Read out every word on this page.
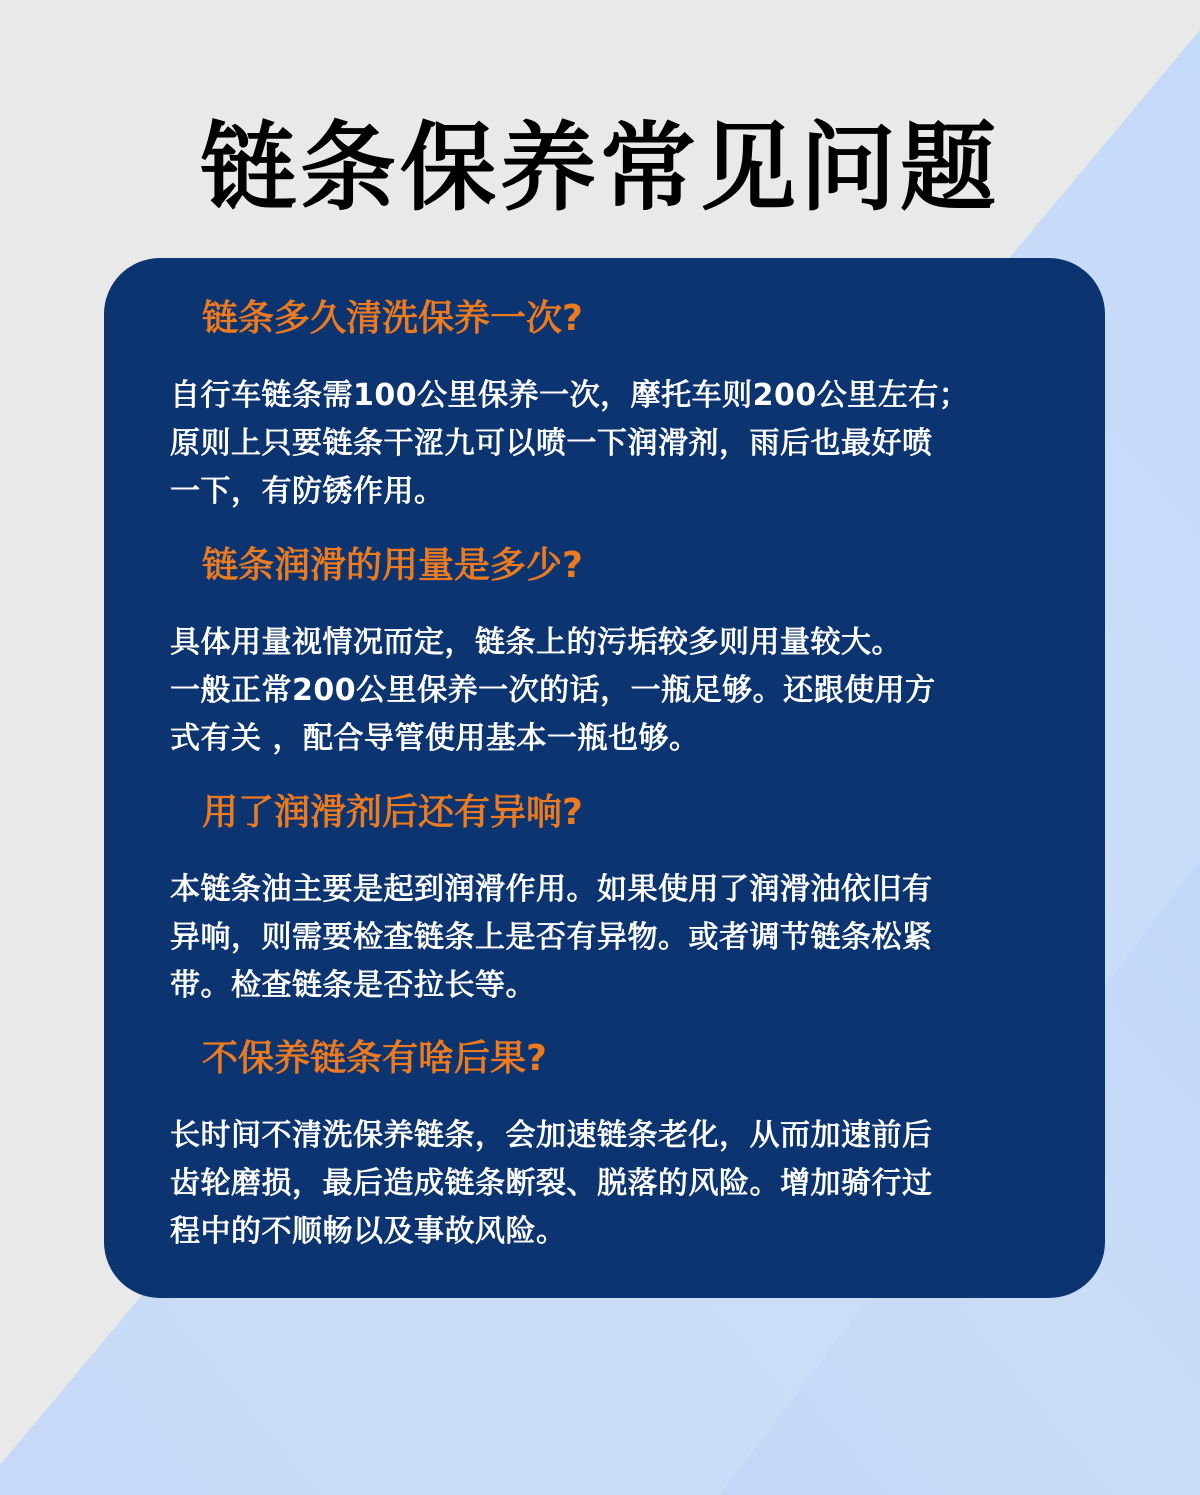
链条保养常见问题

链条多久清洗保养一次?

自行车链条需100公里保养一次，摩托车则200公里左右；
原则上只要链条干涩九可以喷一下润滑剂，雨后也最好喷
一下，有防锈作用。

链条润滑的用量是多少?

具体用量视情况而定，链条上的污垢较多则用量较大。
一般正常200公里保养一次的话，一瓶足够。还跟使用方
式有关 ，配合导管使用基本一瓶也够。

用了润滑剂后还有异响?

本链条油主要是起到润滑作用。如果使用了润滑油依旧有
异响，则需要检查链条上是否有异物。或者调节链条松紧
带。检查链条是否拉长等。

不保养链条有啥后果?

长时间不清洗保养链条，会加速链条老化，从而加速前后
齿轮磨损，最后造成链条断裂、脱落的风险。增加骑行过
程中的不顺畅以及事故风险。
